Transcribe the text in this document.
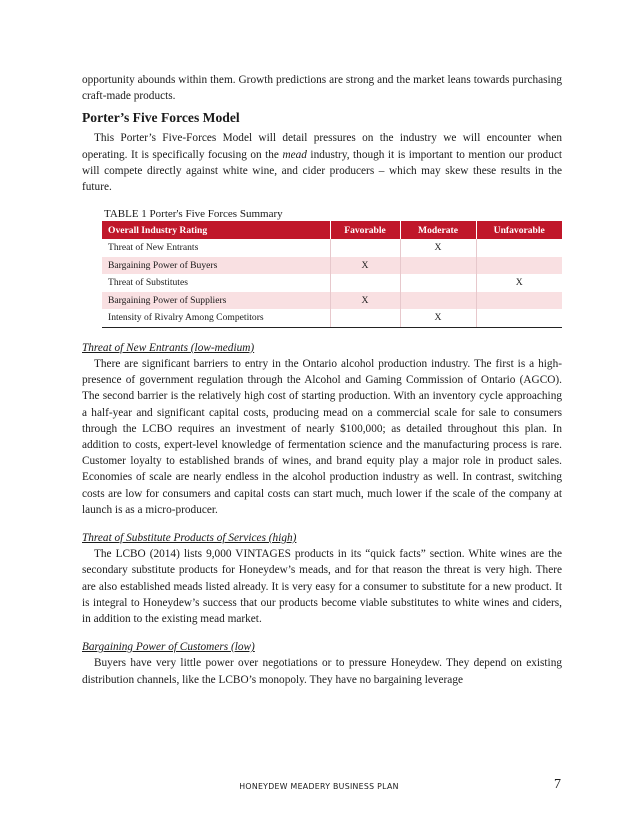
opportunity abounds within them. Growth predictions are strong and the market leans towards purchasing craft-made products.

Porter’s Five Forces Model

This Porter’s Five-Forces Model will detail pressures on the industry we will encounter when operating. It is specifically focusing on the mead industry, though it is important to mention our product will compete directly against white wine, and cider producers – which may skew these results in the future.

TABLE 1 Porter's Five Forces Summary
Overall Industry Rating	Favorable	Moderate	Unfavorable
Threat of New Entrants		X	
Bargaining Power of Buyers	X		
Threat of Substitutes			X
Bargaining Power of Suppliers	X		
Intensity of Rivalry Among Competitors		X	
Threat of New Entrants (low-medium)

There are significant barriers to entry in the Ontario alcohol production industry. The first is a high-presence of government regulation through the Alcohol and Gaming Commission of Ontario (AGCO). The second barrier is the relatively high cost of starting production. With an inventory cycle approaching a half-year and significant capital costs, producing mead on a commercial scale for sale to consumers through the LCBO requires an investment of nearly $100,000; as detailed throughout this plan. In addition to costs, expert-level knowledge of fermentation science and the manufacturing process is rare. Customer loyalty to established brands of wines, and brand equity play a major role in product sales. Economies of scale are nearly endless in the alcohol production industry as well. In contrast, switching costs are low for consumers and capital costs can start much, much lower if the scale of the company at launch is as a micro-producer.

Threat of Substitute Products of Services (high)

The LCBO (2014) lists 9,000 VINTAGES products in its “quick facts” section. White wines are the secondary substitute products for Honeydew’s meads, and for that reason the threat is very high. There are also established meads listed already. It is very easy for a consumer to substitute for a new product. It is integral to Honeydew’s success that our products become viable substitutes to white wines and ciders, in addition to the existing mead market.

Bargaining Power of Customers (low)

Buyers have very little power over negotiations or to pressure Honeydew. They depend on existing distribution channels, like the LCBO’s monopoly. They have no bargaining leverage

HONEYDEW MEADERY BUSINESS PLAN	7
